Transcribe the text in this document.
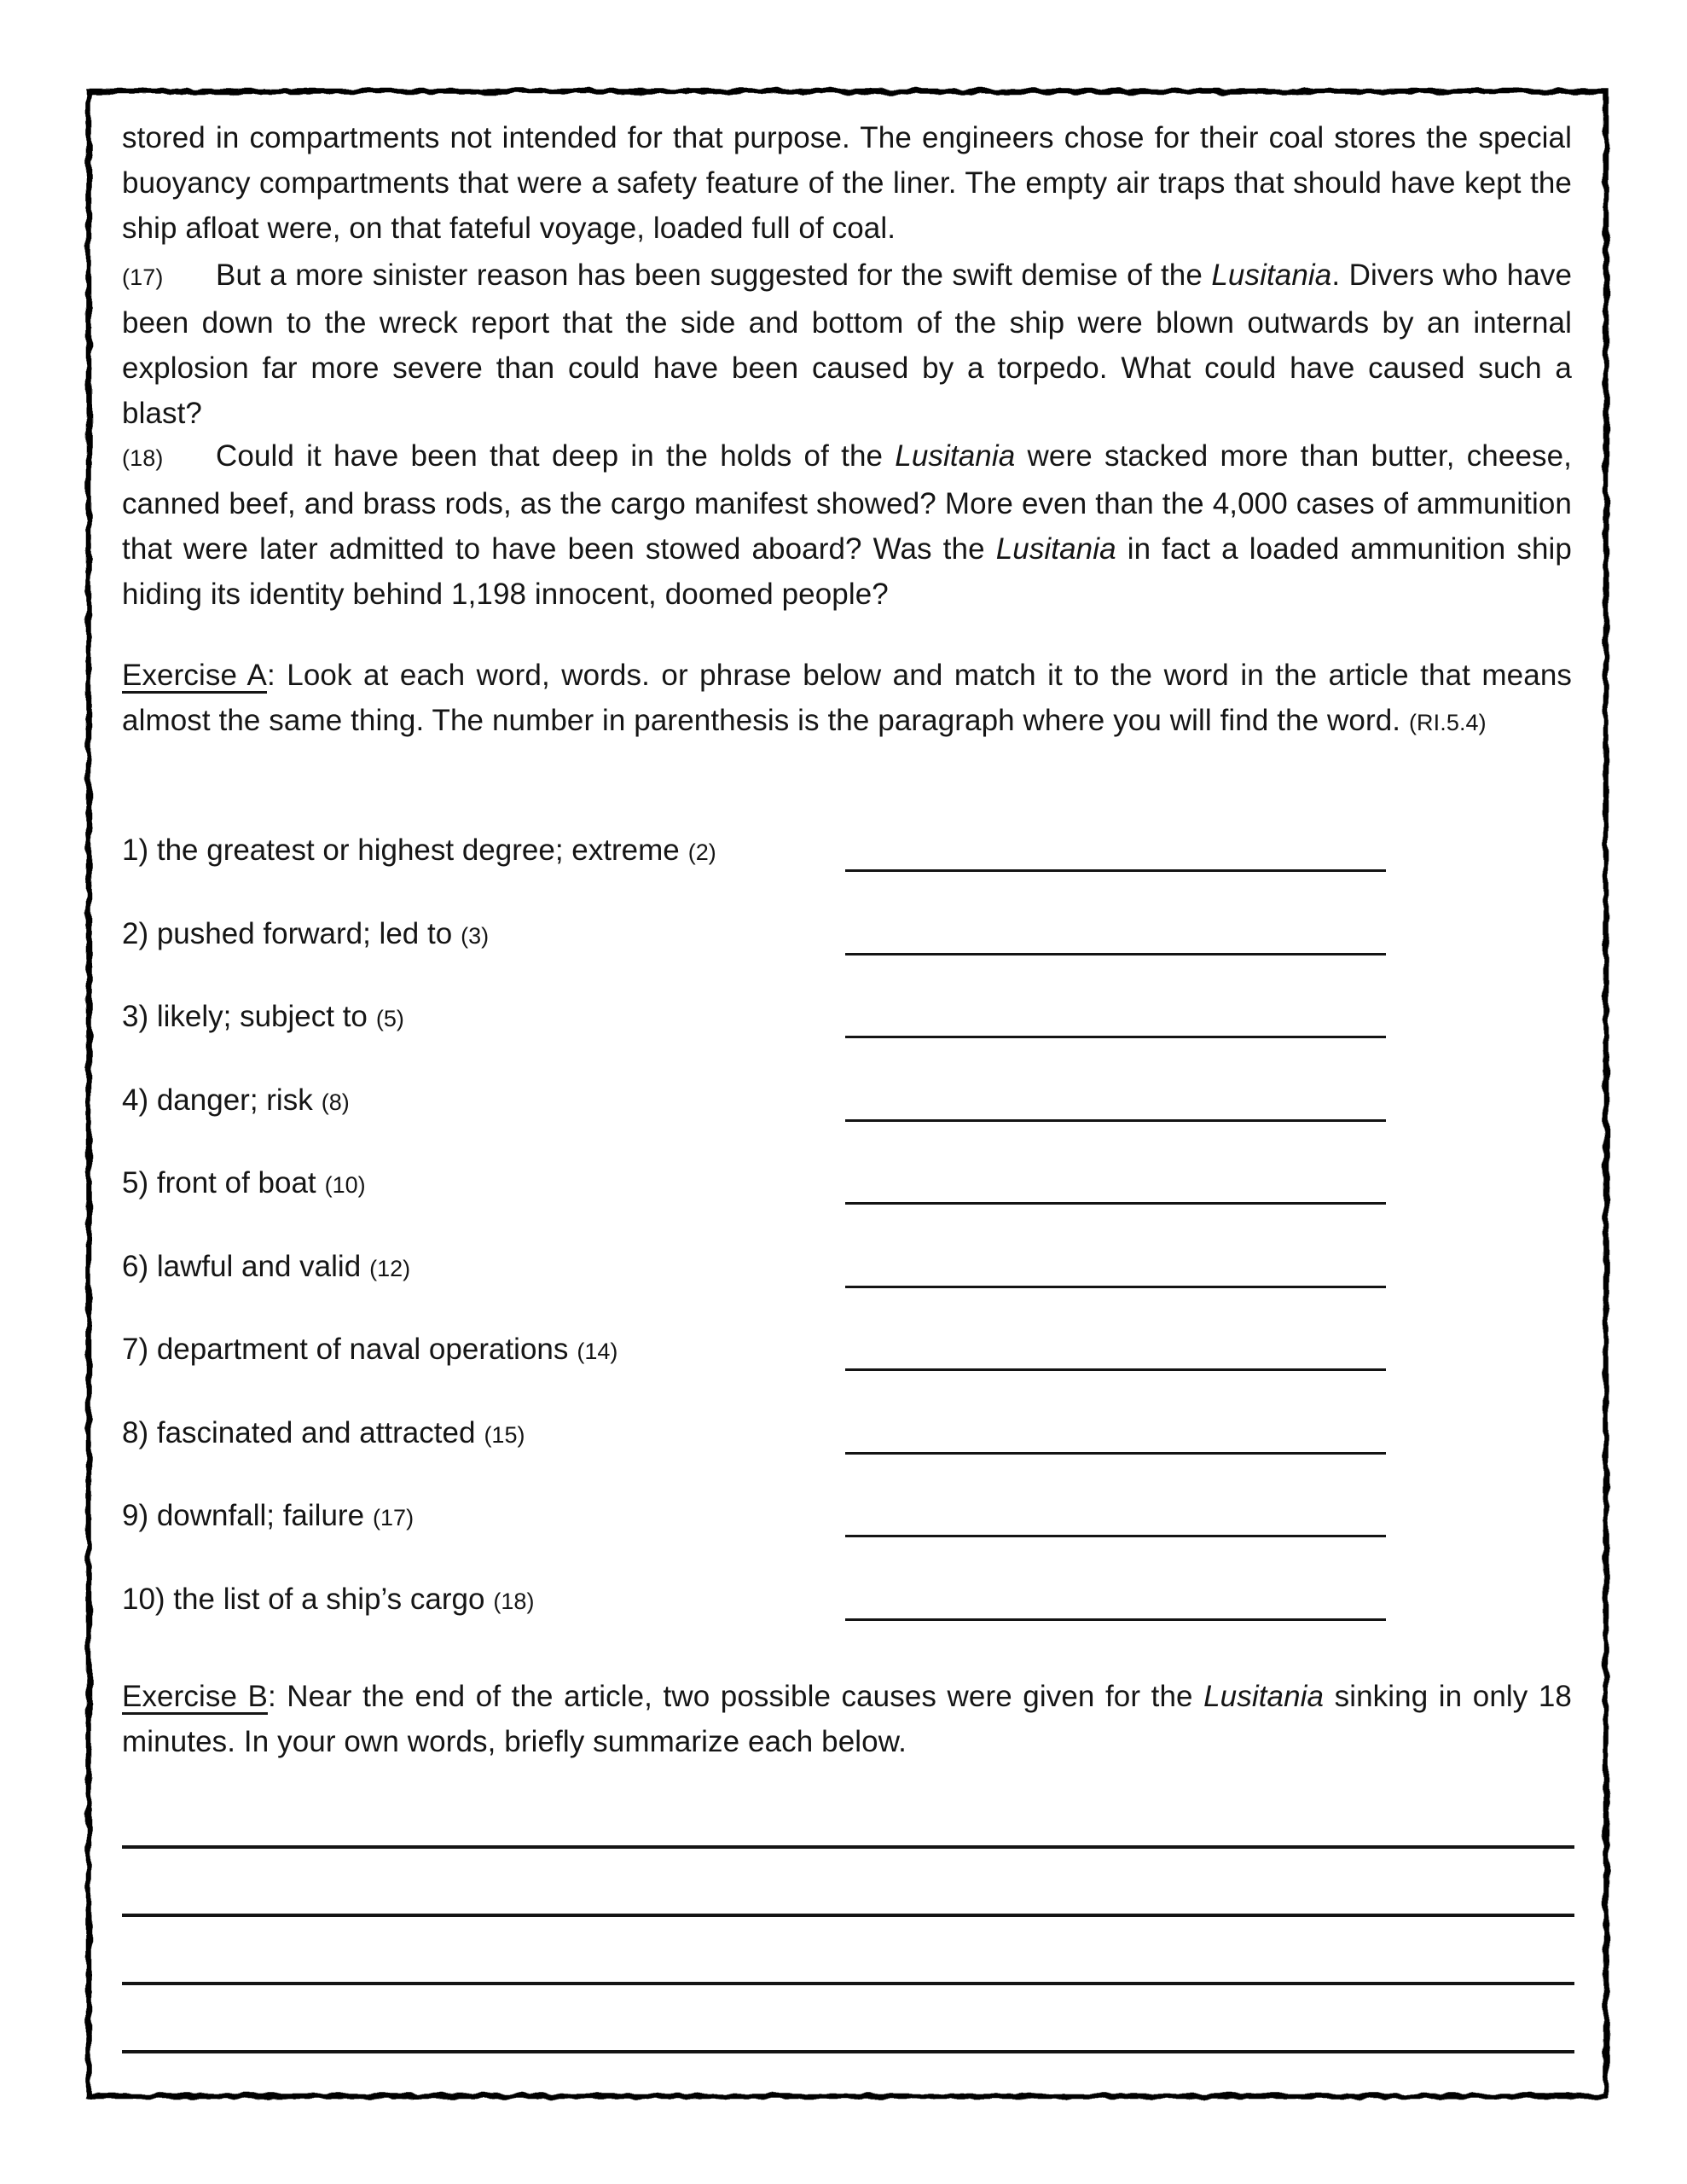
stored in compartments not intended for that purpose. The engineers chose for their coal stores the special buoyancy compartments that were a safety feature of the liner. The empty air traps that should have kept the ship afloat were, on that fateful voyage, loaded full of coal.

(17) But a more sinister reason has been suggested for the swift demise of the Lusitania. Divers who have been down to the wreck report that the side and bottom of the ship were blown outwards by an internal explosion far more severe than could have been caused by a torpedo. What could have caused such a blast?

(18) Could it have been that deep in the holds of the Lusitania were stacked more than butter, cheese, canned beef, and brass rods, as the cargo manifest showed? More even than the 4,000 cases of ammunition that were later admitted to have been stowed aboard? Was the Lusitania in fact a loaded ammunition ship hiding its identity behind 1,198 innocent, doomed people?

Exercise A: Look at each word, words. or phrase below and match it to the word in the article that means almost the same thing. The number in parenthesis is the paragraph where you will find the word. (RI.5.4)

1) the greatest or highest degree; extreme (2)
2) pushed forward; led to (3)
3) likely; subject to (5)
4) danger; risk (8)
5) front of boat (10)
6) lawful and valid (12)
7) department of naval operations (14)
8) fascinated and attracted (15)
9) downfall; failure (17)
10) the list of a ship’s cargo (18)

Exercise B: Near the end of the article, two possible causes were given for the Lusitania sinking in only 18 minutes. In your own words, briefly summarize each below.
